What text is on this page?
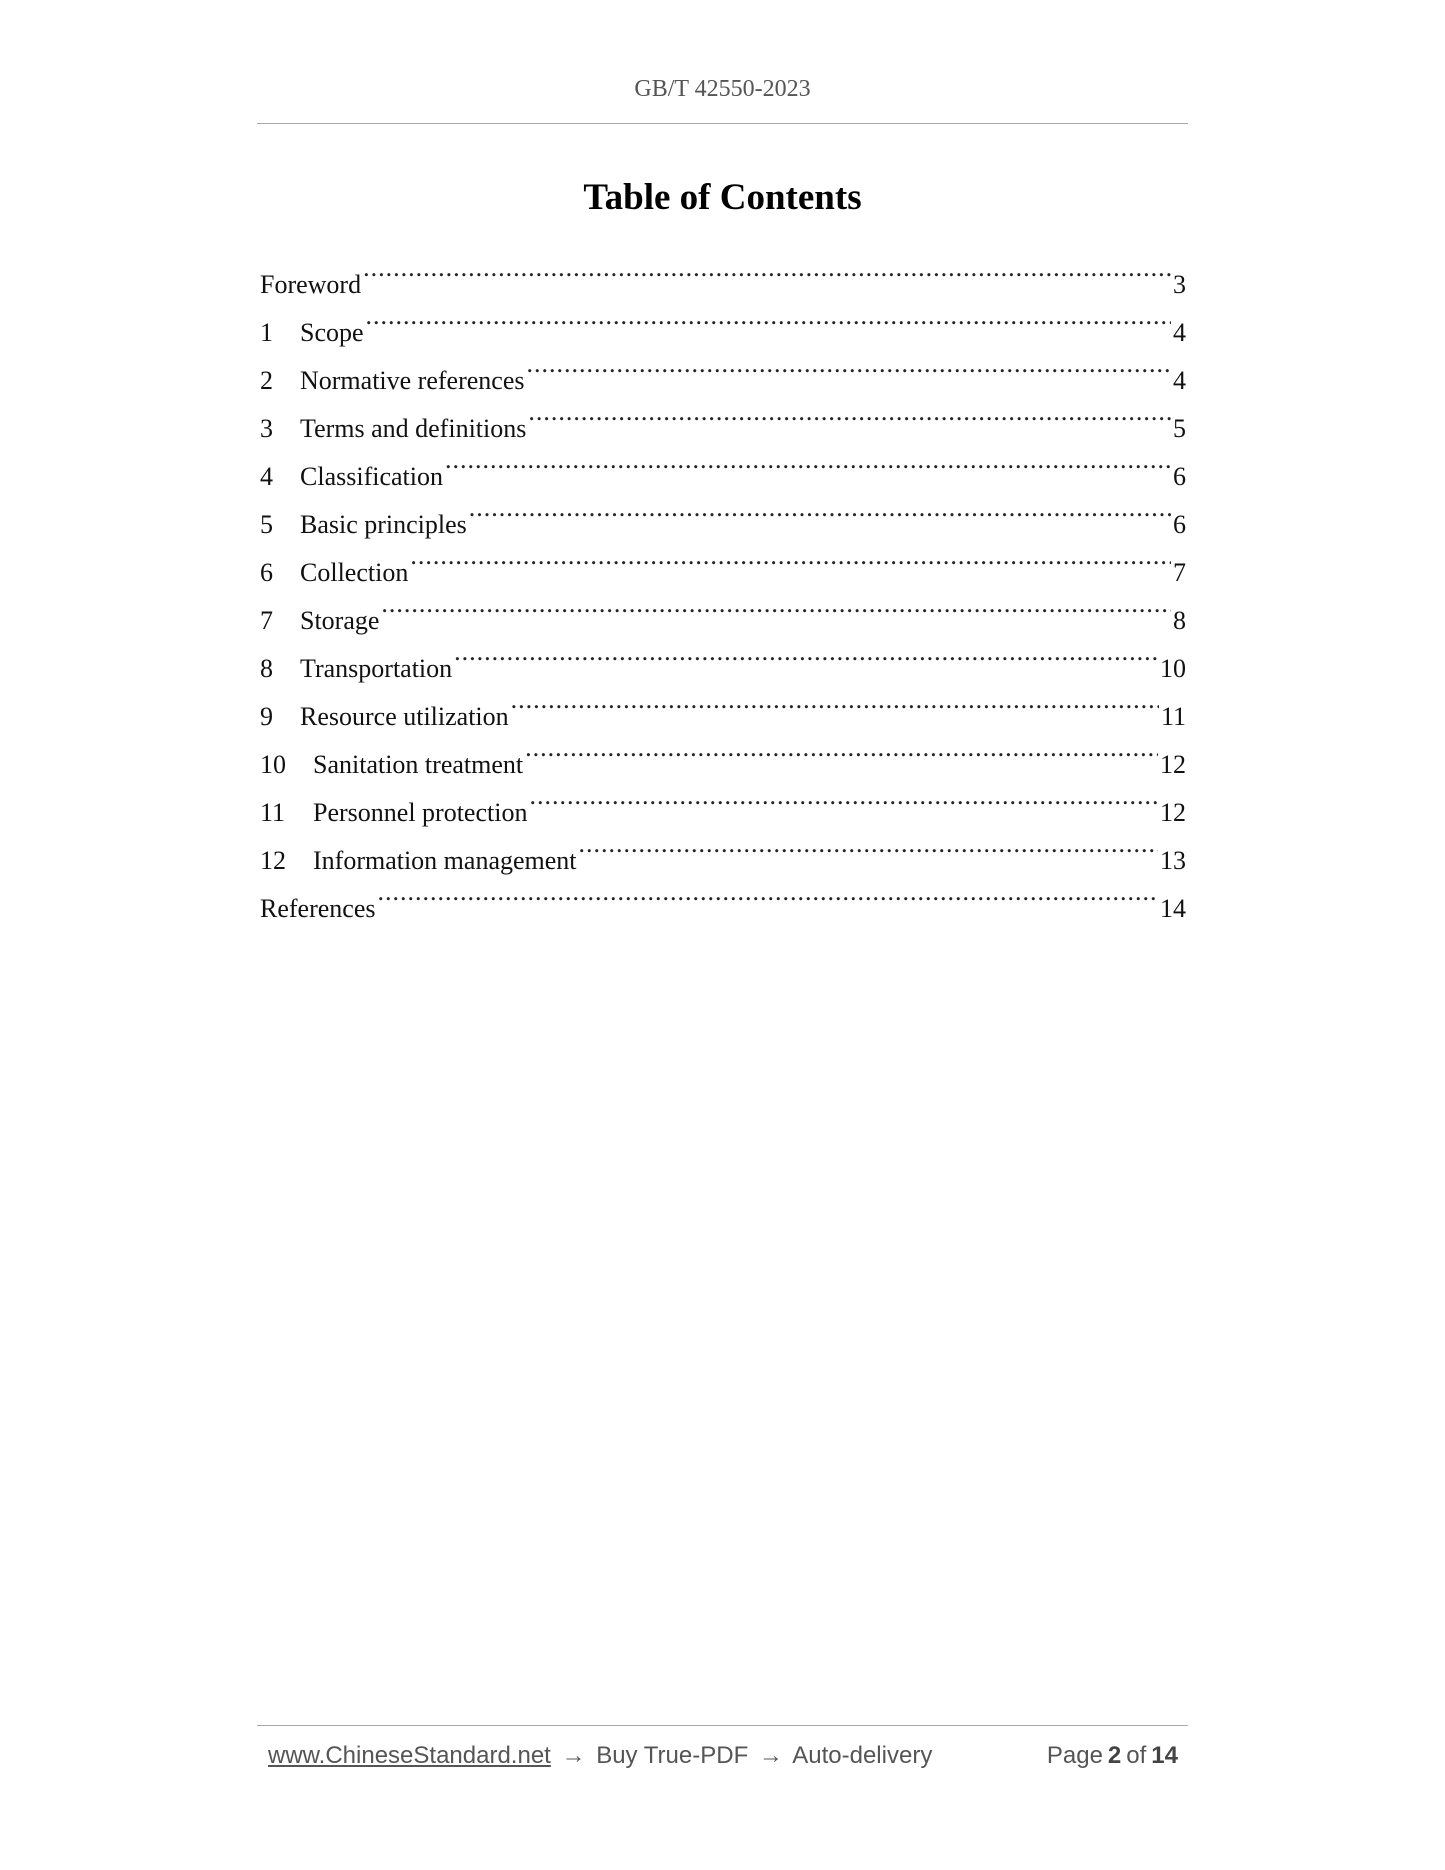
GB/T 42550-2023
Table of Contents
Foreword .....	3
1	Scope .....	4
2	Normative references .....	4
3	Terms and definitions .....	5
4	Classification .....	6
5	Basic principles .....	6
6	Collection .....	7
7	Storage .....	8
8	Transportation .....	10
9	Resource utilization .....	11
10	Sanitation treatment .....	12
11	Personnel protection .....	12
12	Information management .....	13
References .....	14
www.ChineseStandard.net → Buy True-PDF → Auto-delivery	Page 2 of 14
